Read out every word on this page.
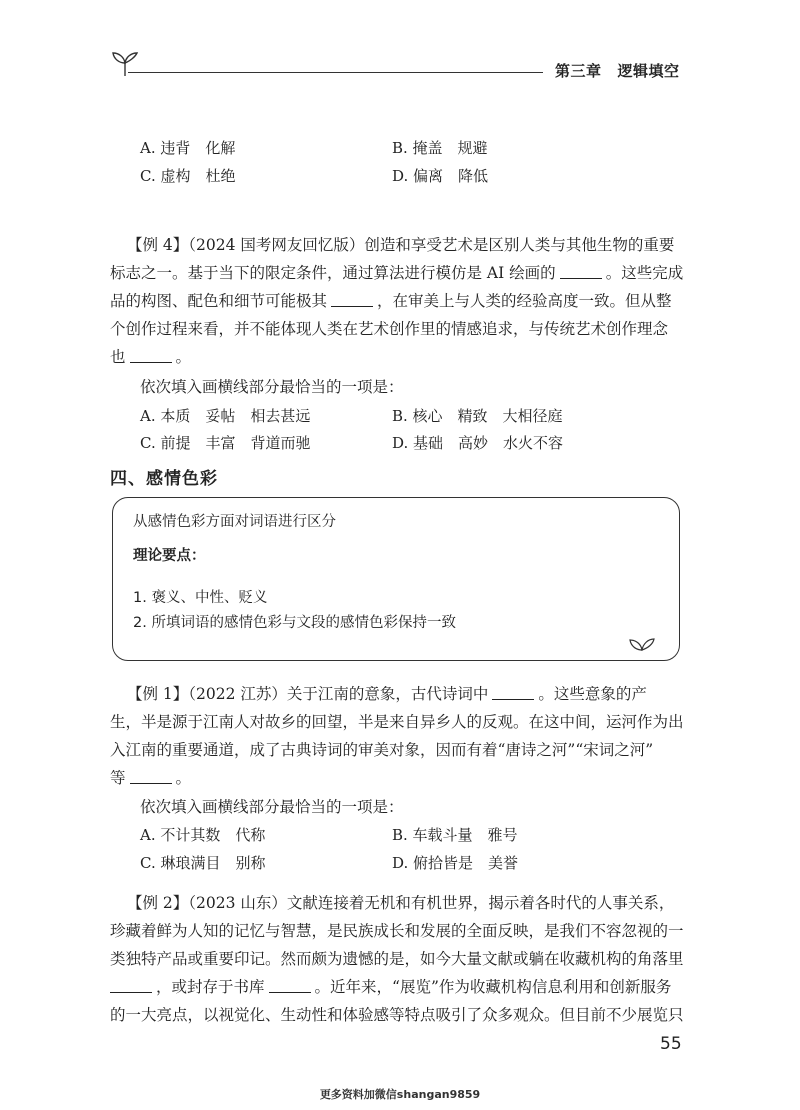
第三章 逻辑填空
A. 违背　化解	B. 掩盖　规避
C. 虚构　杜绝	D. 偏离　降低
【例 4】（2024 国考网友回忆版）创造和享受艺术是区别人类与其他生物的重要
标志之一。基于当下的限定条件，通过算法进行模仿是 AI 绘画的	。这些完成
品的构图、配色和细节可能极其	，在审美上与人类的经验高度一致。但从整
个创作过程来看，并不能体现人类在艺术创作里的情感追求，与传统艺术创作理念
也	。
依次填入画横线部分最恰当的一项是：
A. 本质　妥帖　相去甚远	B. 核心　精致　大相径庭
C. 前提　丰富　背道而驰	D. 基础　高妙　水火不容
四、感情色彩
从感情色彩方面对词语进行区分
理论要点：
1. 褒义、中性、贬义
2. 所填词语的感情色彩与文段的感情色彩保持一致
【例 1】（2022 江苏）关于江南的意象，古代诗词中	。这些意象的产
生，半是源于江南人对故乡的回望，半是来自异乡人的反观。在这中间，运河作为出
入江南的重要通道，成了古典诗词的审美对象，因而有着“唐诗之河”“宋词之河”
等	。
依次填入画横线部分最恰当的一项是：
A. 不计其数　代称	B. 车载斗量　雅号
C. 琳琅满目　别称	D. 俯拾皆是　美誉
【例 2】（2023 山东）文献连接着无机和有机世界，揭示着各时代的人事关系，
珍藏着鲜为人知的记忆与智慧，是民族成长和发展的全面反映，是我们不容忽视的一
类独特产品或重要印记。然而颇为遗憾的是，如今大量文献或躺在收藏机构的角落里
，或封存于书库	。近年来，“展览”作为收藏机构信息利用和创新服务
的一大亮点，以视觉化、生动性和体验感等特点吸引了众多观众。但目前不少展览只
55
更多资料加微信shangan9859
